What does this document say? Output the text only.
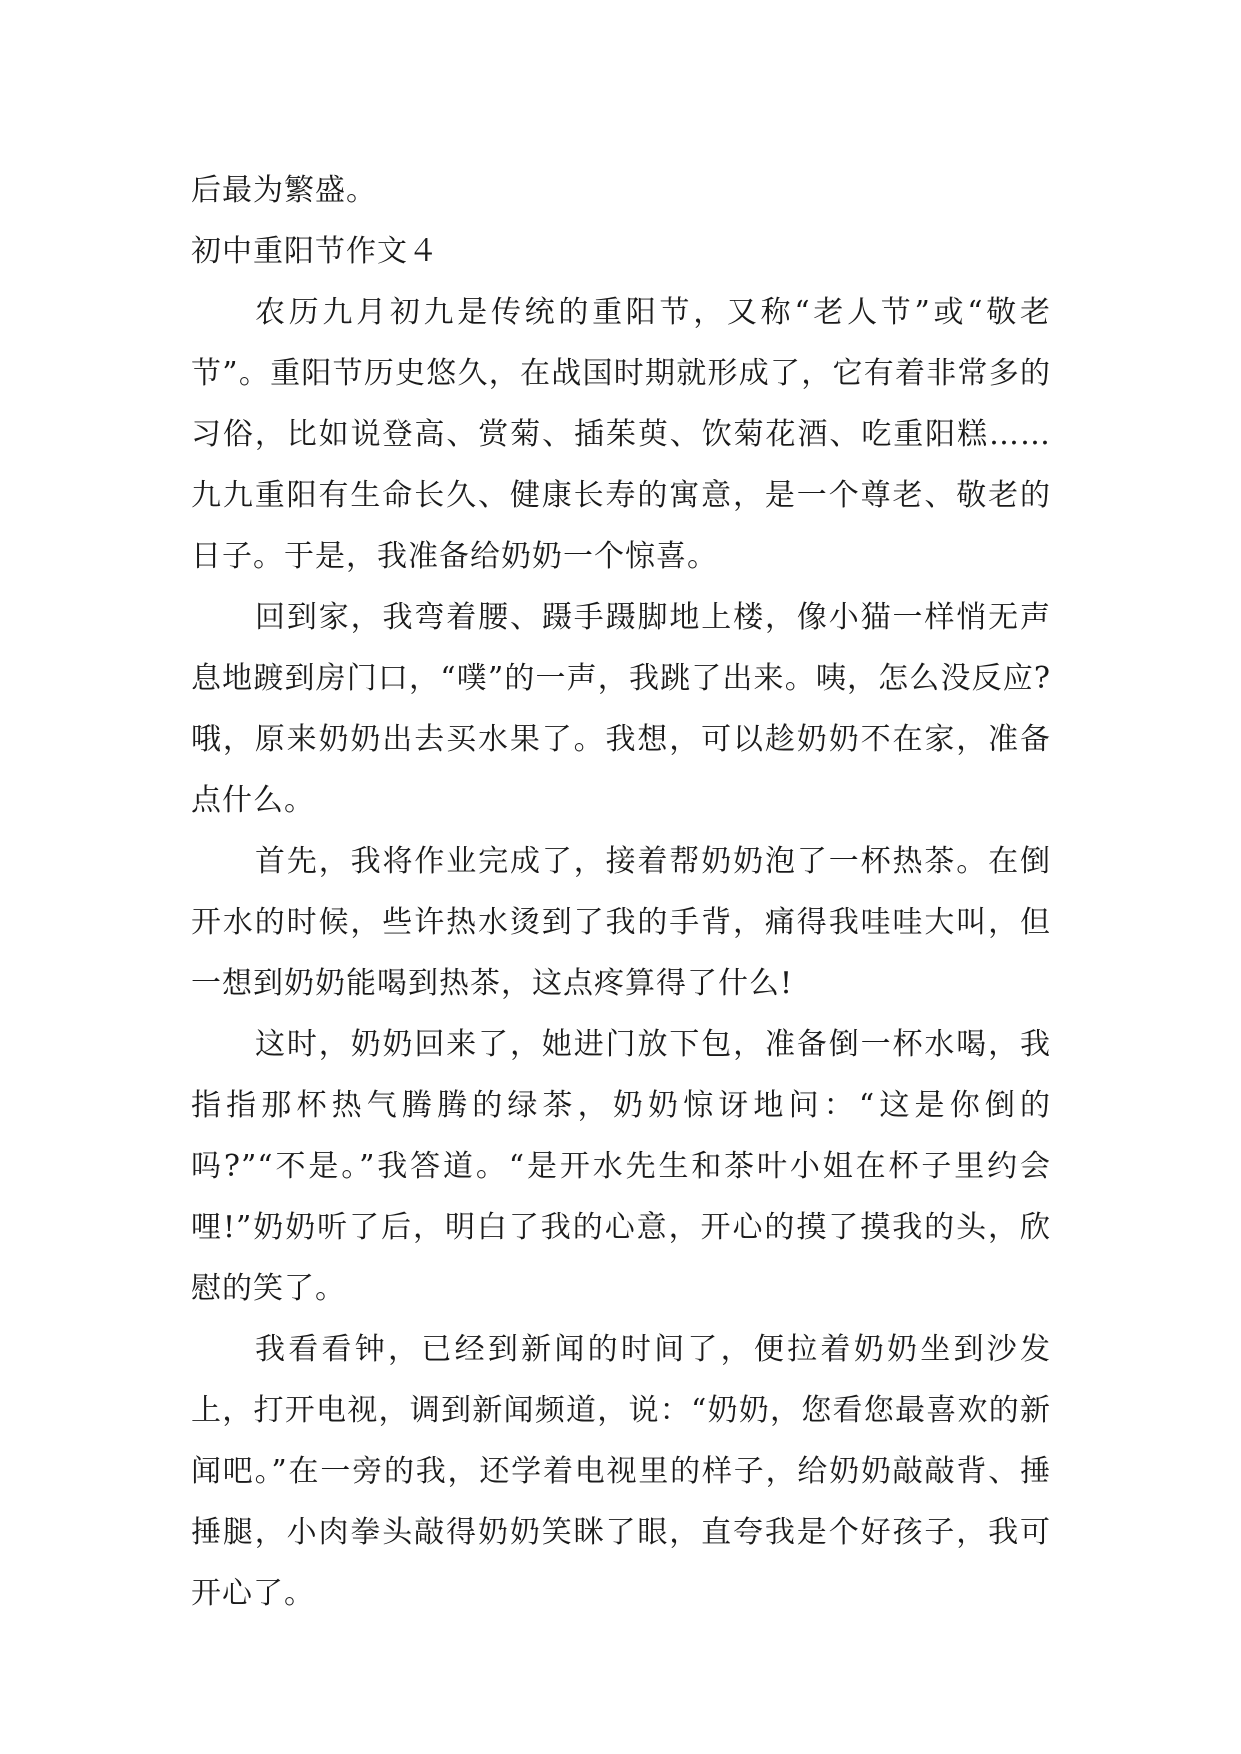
后最为繁盛。

初中重阳节作文４

农历九月初九是传统的重阳节，又称“老人节”或“敬老节”。重阳节历史悠久，在战国时期就形成了，它有着非常多的习俗，比如说登高、赏菊、插茱萸、饮菊花酒、吃重阳糕……九九重阳有生命长久、健康长寿的寓意，是一个尊老、敬老的日子。于是，我准备给奶奶一个惊喜。

回到家，我弯着腰、蹑手蹑脚地上楼，像小猫一样悄无声息地踱到房门口，“噗”的一声，我跳了出来。咦，怎么没反应?哦，原来奶奶出去买水果了。我想，可以趁奶奶不在家，准备点什么。

首先，我将作业完成了，接着帮奶奶泡了一杯热茶。在倒开水的时候，些许热水烫到了我的手背，痛得我哇哇大叫，但一想到奶奶能喝到热茶，这点疼算得了什么!

这时，奶奶回来了，她进门放下包，准备倒一杯水喝，我指指那杯热气腾腾的绿茶，奶奶惊讶地问：“这是你倒的吗?”“不是。”我答道。“是开水先生和茶叶小姐在杯子里约会哩!”奶奶听了后，明白了我的心意，开心的摸了摸我的头，欣慰的笑了。

我看看钟，已经到新闻的时间了，便拉着奶奶坐到沙发上，打开电视，调到新闻频道，说：“奶奶，您看您最喜欢的新闻吧。”在一旁的我，还学着电视里的样子，给奶奶敲敲背、捶捶腿，小肉拳头敲得奶奶笑眯了眼，直夸我是个好孩子，我可开心了。
